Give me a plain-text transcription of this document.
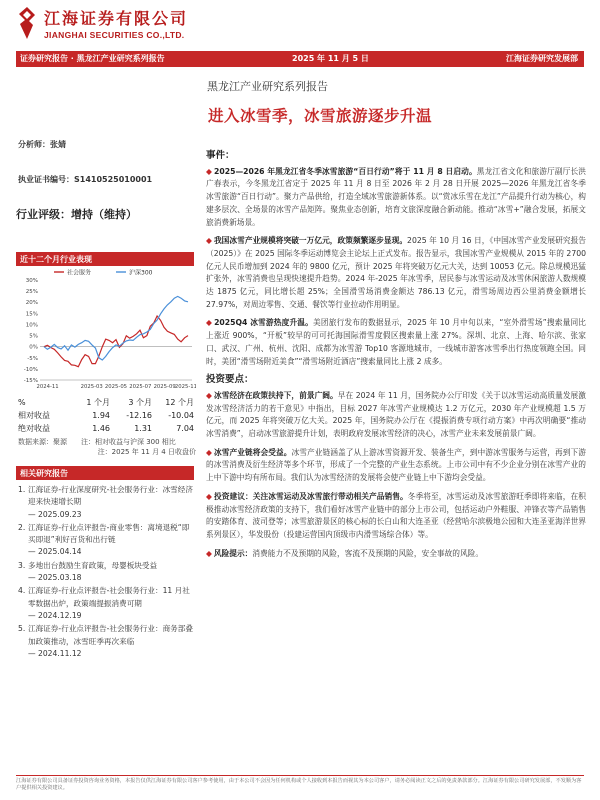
江海证券有限公司
JIANGHAI SECURITIES CO.,LTD.
证券研究报告 · 黑龙江产业研究系列报告	2025 年 11 月 5 日	江海证券研究发展部
黑龙江产业研究系列报告
进入冰雪季，冰雪旅游逐步升温
分析师：张婧
执业证书编号：S1410525010001
行业评级：增持（维持）
近十二个月行业表现
30%
25%
20%
15%
10%
5%
0%
-5%
-10%
-15%
2024-11	2025-03 2025-05 2025-07 2025-09 2025-11
社会服务	沪深300
%	1 个月	3 个月	12 个月
相对收益	1.94	-12.16	-10.04
绝对收益	1.46	1.31	7.04
数据来源：聚源　　注：相对收益与沪深 300 相比
注：2025 年 11 月 4 日收盘价
相关研究报告
1. 江海证券-行业深度研究-社会服务行业：冰雪经济迎来快速增长期
— 2025.09.23
2. 江海证券-行业点评报告-商业零售：离境退税“即买即退”利好百货和出行链
— 2025.04.14
3. 多地出台鼓励生育政策，母婴板块受益
— 2025.03.18
4. 江海证券-行业点评报告-社会服务行业：11 月社零数据出炉，政策端提振消费可期
— 2024.12.19
5. 江海证券-行业点评报告-社会服务行业：商务部叠加政策推动，冰雪旺季再次来临
— 2024.11.12
事件：
◆ 2025—2026 年黑龙江省冬季冰雪旅游“百日行动”将于 11 月 8 日启动。黑龙江省文化和旅游厅副厅长洪广春表示，今冬黑龙江省定于 2025 年 11 月 8 日至 2026 年 2 月 28 日开展 2025—2026 年黑龙江省冬季冰雪旅游“百日行动”。聚力产品供给，打造全域冰雪旅游新体系。以“赏冰乐雪在龙江”产品提升行动为核心，构建多层次、全场景的冰雪产品矩阵。聚焦业态创新，培育文旅深度融合新动能。推动“冰雪+”融合发展，拓展文旅消费新场景。
◆ 我国冰雪产业规模将突破一万亿元，政策频繁逐步显现。2025 年 10 月 16 日，《中国冰雪产业发展研究报告（2025）》在 2025 国际冬季运动博览会主论坛上正式发布。报告显示，我国冰雪产业规模从 2015 年的 2700 亿元人民币增加到 2024 年的 9800 亿元，预计 2025 年将突破万亿元大关，达到 10053 亿元。除总规模迅猛扩张外，冰雪消费也呈现快速提升趋势。2024 年-2025 年冰雪季，居民参与冰雪运动及冰雪休闲旅游人数规模达 1875 亿元，同比增长超 25%；全国滑雪场消费金额达 786.13 亿元，滑雪场周边西公里消费金额增长 27.97%，对周边零售、交通、餐饮等行业拉动作用明显。
◆ 2025Q4 冰雪游热度升温。美团旅行发布的数据显示，2025 年 10 月中旬以来，“室外滑雪场”搜索量同比上涨近 900%，“开板”较早的可可托海国际滑雪度假区搜索量上涨 27%。深圳、北京、上海、哈尔滨、张家口、武汉、广州、杭州、沈阳、成都为冰雪游 Top10 客源地城市，一线城市游客冰雪季出行热度领跑全国。同时，美团“滑雪场附近美食”“滑雪场附近酒店”搜索量同比上涨 2 成多。
投资要点：
◆ 冰雪经济在政策扶持下，前景广阔。早在 2024 年 11 月，国务院办公厅印发《关于以冰雪运动高质量发展激发冰雪经济活力的若干意见》中指出，目标 2027 年冰雪产业规模达 1.2 万亿元，2030 年产业规模超 1.5 万亿元，而 2025 年将突破万亿大关。2025 年，国务院办公厅在《提振消费专项行动方案》中再次明确要“推动冰雪消费”，启动冰雪旅游提升计划，表明政府发展冰雪经济的决心，冰雪产业未来发展前景广阔。
◆ 冰雪产业链将会受益。冰雪产业链涵盖了从上游冰雪资源开发、装备生产，到中游冰雪服务与运营，再到下游的冰雪消费及衍生经济等多个环节，形成了一个完整的产业生态系统。上市公司中有不少企业分别在冰雪产业的上中下游中均有所布局。我们认为冰雪经济的发展将会使产业链上中下游均会受益。
◆ 投资建议：关注冰雪运动及冰雪旅行带动相关产品销售。冬季将至，冰雪运动及冰雪旅游旺季即将来临，在积极推动冰雪经济政策的支持下，我们看好冰雪产业链中的部分上市公司，包括运动户外鞋服、冲锋衣等产品销售的安踏体育、波司登等；冰雪旅游景区的核心标的长白山和大连圣亚（经营哈尔滨极地公园和大连圣亚海洋世界系列景区），华发股份（投建运营国内顶级市内滑雪场综合体）等。
◆ 风险提示：消费能力不及预期的风险，客流不及预期的风险，安全事故的风险。
江海证券有限公司具备证券投资咨询业务资格，本报告仅供江海证券有限公司客户参考使用，由于本公司不会因为任何机构或个人接收到本报告而视其为本公司客户，请务必阅读正文之后的免责条款部分。江海证券有限公司研究发展部，不发顺为客户提供相关投资建议。
